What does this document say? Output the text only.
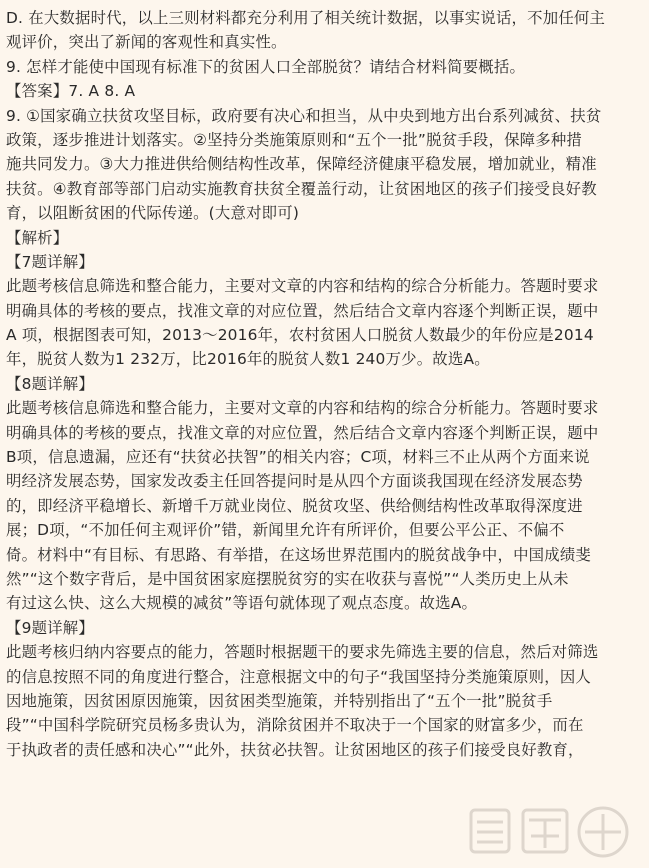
D. 在大数据时代，以上三则材料都充分利用了相关统计数据，以事实说话，不加任何主
观评价，突出了新闻的客观性和真实性。
9. 怎样才能使中国现有标准下的贫困人口全部脱贫？请结合材料简要概括。
【答案】7. A 8. A
9. ①国家确立扶贫攻坚目标，政府要有决心和担当，从中央到地方出台系列减贫、扶贫
政策，逐步推进计划落实。②坚持分类施策原则和“五个一批”脱贫手段，保障多种措
施共同发力。③大力推进供给侧结构性改革，保障经济健康平稳发展，增加就业，精准
扶贫。④教育部等部门启动实施教育扶贫全覆盖行动，让贫困地区的孩子们接受良好教
育，以阻断贫困的代际传递。(大意对即可)
【解析】
【7题详解】
此题考核信息筛选和整合能力，主要对文章的内容和结构的综合分析能力。答题时要求
明确具体的考核的要点，找准文章的对应位置，然后结合文章内容逐个判断正误，题中
A 项，根据图表可知，2013～2016年，农村贫困人口脱贫人数最少的年份应是2014
年，脱贫人数为1 232万，比2016年的脱贫人数1 240万少。故选A。
【8题详解】
此题考核信息筛选和整合能力，主要对文章的内容和结构的综合分析能力。答题时要求
明确具体的考核的要点，找准文章的对应位置，然后结合文章内容逐个判断正误，题中
B项，信息遗漏，应还有“扶贫必扶智”的相关内容；C项，材料三不止从两个方面来说
明经济发展态势，国家发改委主任回答提问时是从四个方面谈我国现在经济发展态势
的，即经济平稳增长、新增千万就业岗位、脱贫攻坚、供给侧结构性改革取得深度进
展；D项，“不加任何主观评价”错，新闻里允许有所评价，但要公平公正、不偏不
倚。材料中“有目标、有思路、有举措，在这场世界范围内的脱贫战争中，中国成绩斐
然”“这个数字背后，是中国贫困家庭摆脱贫穷的实在收获与喜悦”“人类历史上从未
有过这么快、这么大规模的减贫”等语句就体现了观点态度。故选A。
【9题详解】
此题考核归纳内容要点的能力，答题时根据题干的要求先筛选主要的信息，然后对筛选
的信息按照不同的角度进行整合，注意根据文中的句子“我国坚持分类施策原则，因人
因地施策，因贫困原因施策，因贫困类型施策，并特别指出了“五个一批”脱贫手
段”“中国科学院研究员杨多贵认为，消除贫困并不取决于一个国家的财富多少，而在
于执政者的责任感和决心”“此外，扶贫必扶智。让贫困地区的孩子们接受良好教育，
